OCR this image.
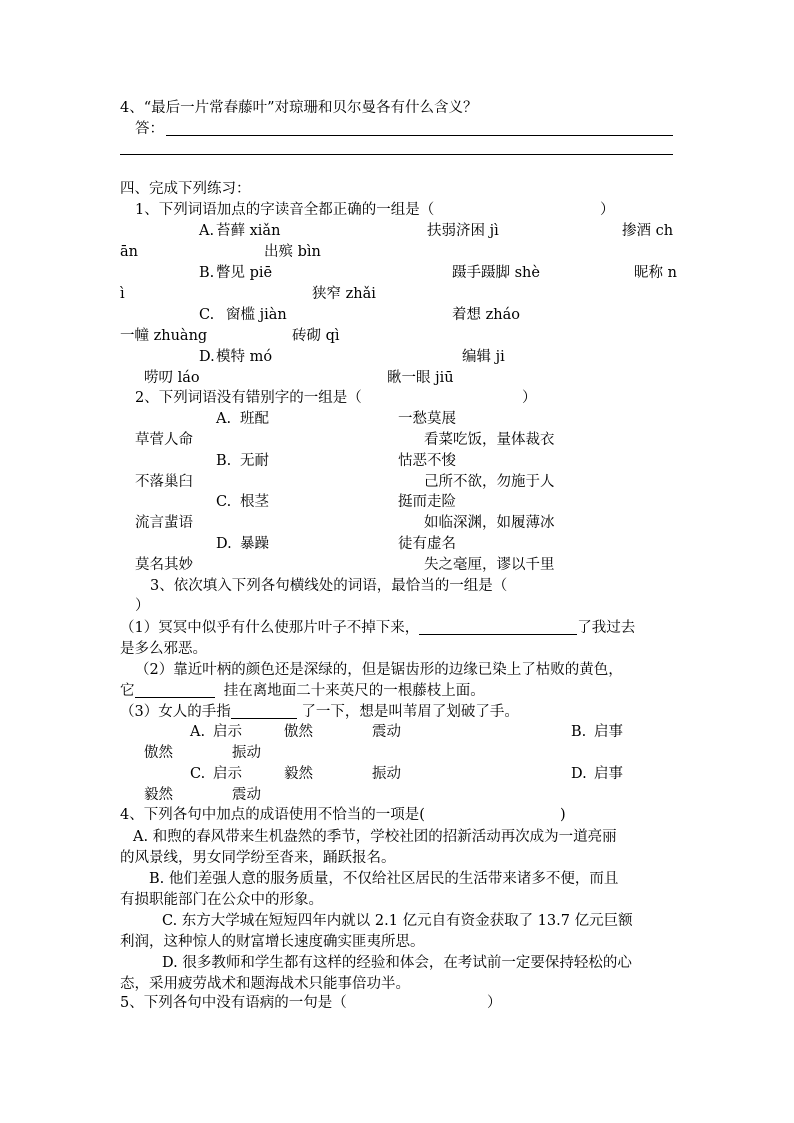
4、“最后一片常春藤叶”对琼珊和贝尔曼各有什么含义？
答：
四、完成下列练习：
1、下列词语加点的字读音全都正确的一组是（	）
A. 苔藓 xiǎn	扶弱济困 jì	掺酒 ch
ān	出殡 bìn
B. 瞥见 piē	蹑手蹑脚 shè	昵称 n
ì	狭窄 zhǎi
C. 窗槛 jiàn	着想 zháo
一幢 zhuàng	砖砌 qì
D. 模特 mó	编辑 ji
唠叨 láo	瞅一眼 jiū
2、下列词语没有错别字的一组是（	）
A. 班配	一愁莫展
草菅人命	看菜吃饭，量体裁衣
B. 无耐	怙恶不悛
不落巢臼	己所不欲，勿施于人
C. 根茎	挺而走险
流言蜚语	如临深渊，如履薄冰
D. 暴躁	徒有虚名
莫名其妙	失之毫厘，谬以千里
3、依次填入下列各句横线处的词语，最恰当的一组是（
）
（1）冥冥中似乎有什么使那片叶子不掉下来，	了我过去
是多么邪恶。
（2）靠近叶柄的颜色还是深绿的，但是锯齿形的边缘已染上了枯败的黄色，
它	挂在离地面二十来英尺的一根藤枝上面。
（3）女人的手指	了一下，想是叫苇眉了划破了手。
A. 启示	傲然	震动	B. 启事
傲然	振动
C. 启示	毅然	振动	D. 启事
毅然	震动
4、下列各句中加点的成语使用不恰当的一项是(	)
A. 和煦的春风带来生机盎然的季节，学校社团的招新活动再次成为一道亮丽
的风景线，男女同学纷至沓来，踊跃报名。
B. 他们差强人意的服务质量，不仅给社区居民的生活带来诸多不便，而且
有损职能部门在公众中的形象。
C. 东方大学城在短短四年内就以 2.1 亿元自有资金获取了 13.7 亿元巨额
利润，这种惊人的财富增长速度确实匪夷所思。
D. 很多教师和学生都有这样的经验和体会，在考试前一定要保持轻松的心
态，采用疲劳战术和题海战术只能事倍功半。
5、下列各句中没有语病的一句是（	）
